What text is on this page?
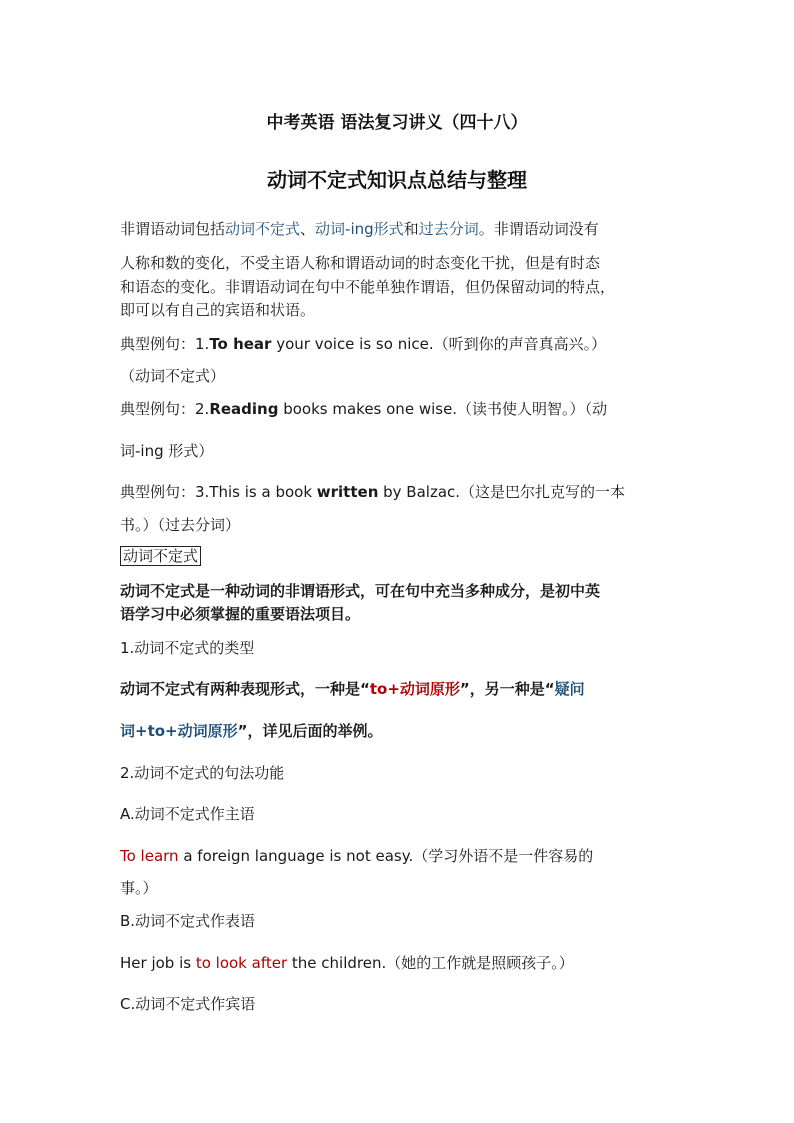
中考英语 语法复习讲义（四十八）
动词不定式知识点总结与整理
非谓语动词包括动词不定式、动词-ing形式和过去分词。非谓语动词没有
人称和数的变化，不受主语人称和谓语动词的时态变化干扰，但是有时态
和语态的变化。非谓语动词在句中不能单独作谓语，但仍保留动词的特点，
即可以有自己的宾语和状语。
典型例句：1.To hear your voice is so nice.（听到你的声音真高兴。）
（动词不定式）
典型例句：2.Reading books makes one wise.（读书使人明智。）（动
词-ing 形式）
典型例句：3.This is a book written by Balzac.（这是巴尔扎克写的一本
书。）（过去分词）
动词不定式
动词不定式是一种动词的非谓语形式，可在句中充当多种成分，是初中英
语学习中必须掌握的重要语法项目。
1.动词不定式的类型
动词不定式有两种表现形式，一种是“to+动词原形”，另一种是“疑问
词+to+动词原形”，详见后面的举例。
2.动词不定式的句法功能
A.动词不定式作主语
To learn a foreign language is not easy.（学习外语不是一件容易的
事。）
B.动词不定式作表语
Her job is to look after the children.（她的工作就是照顾孩子。）
C.动词不定式作宾语
